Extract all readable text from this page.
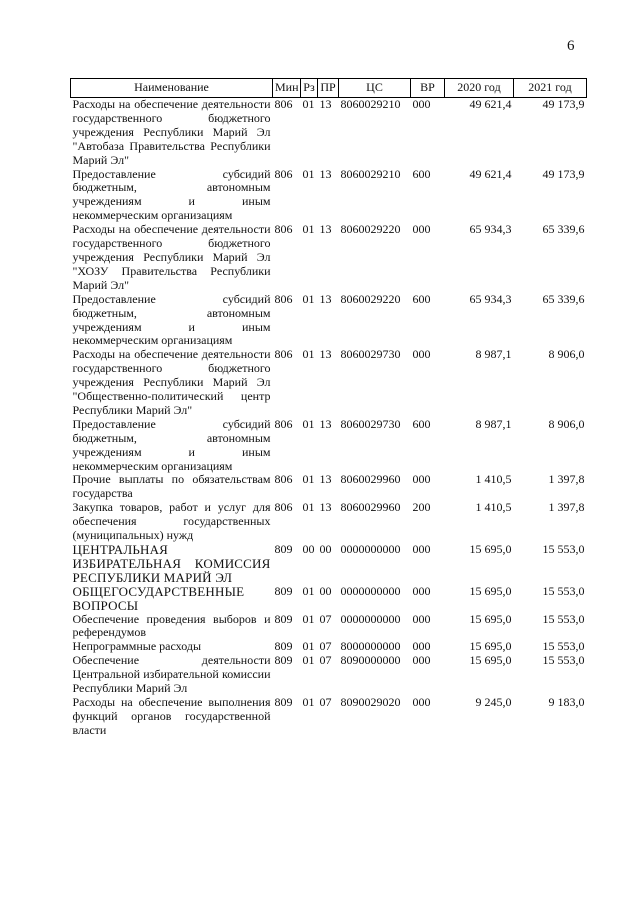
6
Наименование	Мин	Рз	ПР	ЦС	ВР	2020 год	2021 год
Расходы на обеспечение деятельности государственного бюджетного учреждения Республики Марий Эл "Автобаза Правительства Республики Марий Эл"	806	01	13	8060029210	000	49 621,4	49 173,9
Предоставление субсидий бюджетным, автономным учреждениям и иным некоммерческим организациям	806	01	13	8060029210	600	49 621,4	49 173,9
Расходы на обеспечение деятельности государственного бюджетного учреждения Республики Марий Эл "ХОЗУ Правительства Республики Марий Эл"	806	01	13	8060029220	000	65 934,3	65 339,6
Предоставление субсидий бюджетным, автономным учреждениям и иным некоммерческим организациям	806	01	13	8060029220	600	65 934,3	65 339,6
Расходы на обеспечение деятельности государственного бюджетного учреждения Республики Марий Эл "Общественно-политический центр Республики Марий Эл"	806	01	13	8060029730	000	8 987,1	8 906,0
Предоставление субсидий бюджетным, автономным учреждениям и иным некоммерческим организациям	806	01	13	8060029730	600	8 987,1	8 906,0
Прочие выплаты по обязательствам государства	806	01	13	8060029960	000	1 410,5	1 397,8
Закупка товаров, работ и услуг для обеспечения государственных (муниципальных) нужд	806	01	13	8060029960	200	1 410,5	1 397,8
ЦЕНТРАЛЬНАЯ ИЗБИРАТЕЛЬНАЯ КОМИССИЯ РЕСПУБЛИКИ МАРИЙ ЭЛ	809	00	00	0000000000	000	15 695,0	15 553,0
ОБЩЕГОСУДАРСТВЕННЫЕ ВОПРОСЫ	809	01	00	0000000000	000	15 695,0	15 553,0
Обеспечение проведения выборов и референдумов	809	01	07	0000000000	000	15 695,0	15 553,0
Непрограммные расходы	809	01	07	8000000000	000	15 695,0	15 553,0
Обеспечение деятельности Центральной избирательной комиссии Республики Марий Эл	809	01	07	8090000000	000	15 695,0	15 553,0
Расходы на обеспечение выполнения функций органов государственной власти	809	01	07	8090029020	000	9 245,0	9 183,0
